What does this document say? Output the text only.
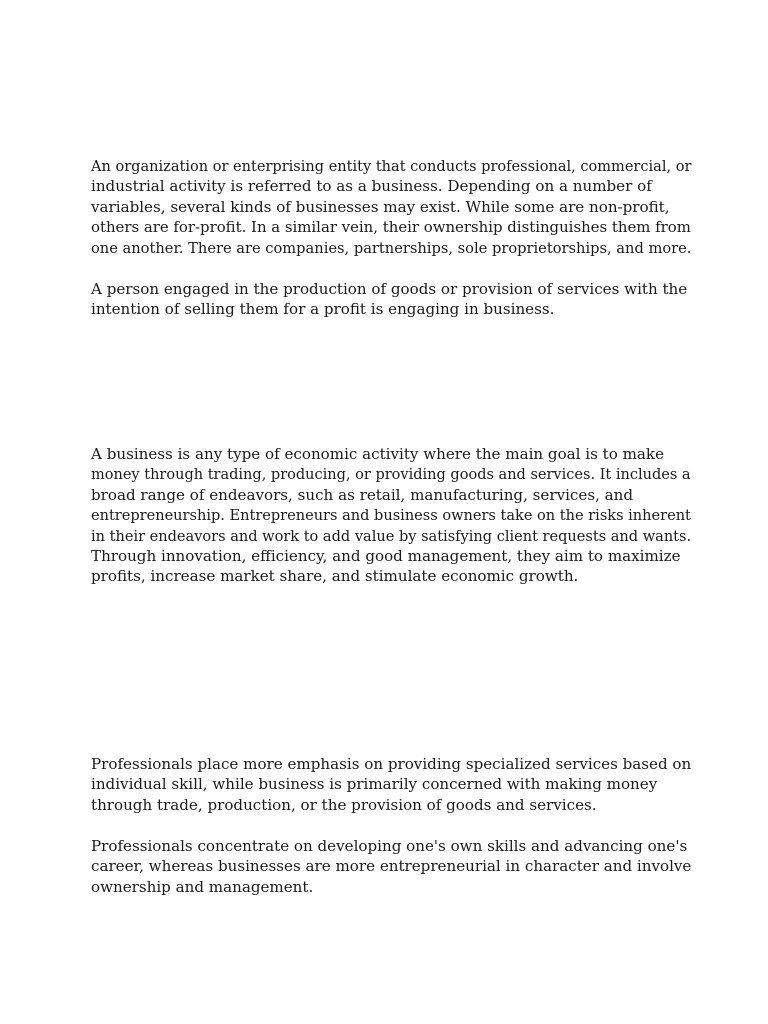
An organization or enterprising entity that conducts professional, commercial, or
industrial activity is referred to as a business. Depending on a number of
variables, several kinds of businesses may exist. While some are non-profit,
others are for-profit. In a similar vein, their ownership distinguishes them from one another. There are companies, partnerships, sole proprietorships, and more.

A person engaged in the production of goods or provision of services with the
intention of selling them for a profit is engaging in business.

A business is any type of economic activity where the main goal is to make
money through trading, producing, or providing goods and services. It includes a
broad range of endeavors, such as retail, manufacturing, services, and
entrepreneurship. Entrepreneurs and business owners take on the risks inherent in their endeavors and work to add value by satisfying client requests and wants.
Through innovation, efficiency, and good management, they aim to maximize
profits, increase market share, and stimulate economic growth.

Professionals place more emphasis on providing specialized services based on
individual skill, while business is primarily concerned with making money
through trade, production, or the provision of goods and services.

Professionals concentrate on developing one's own skills and advancing one's
career, whereas businesses are more entrepreneurial in character and involve
ownership and management.
